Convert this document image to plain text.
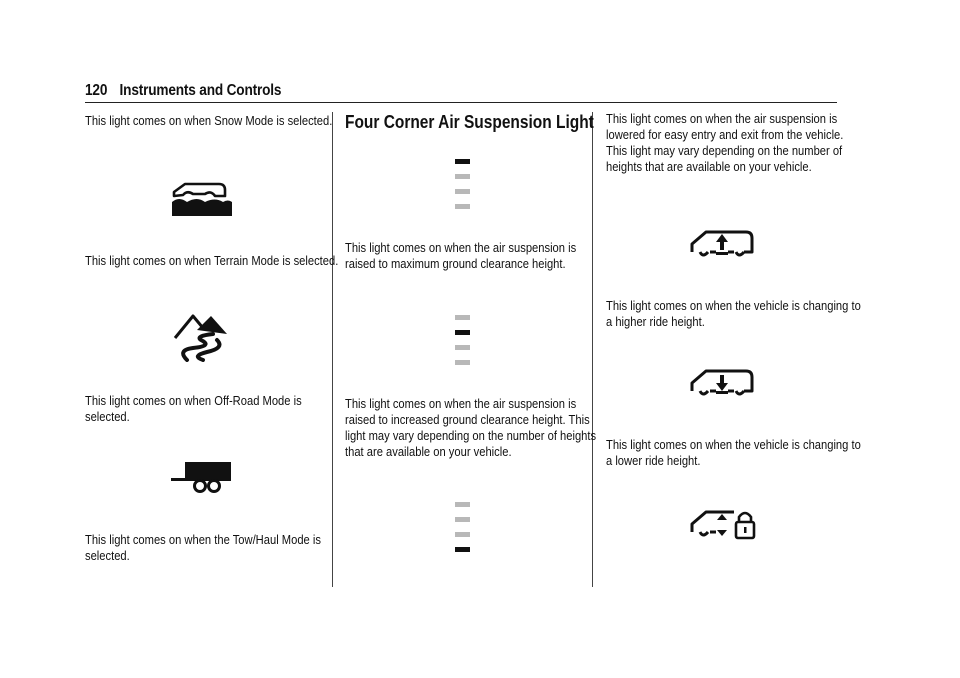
120 Instruments and Controls

This light comes on when Snow Mode is selected.

This light comes on when Terrain Mode is selected.

This light comes on when Off-Road Mode is selected.

This light comes on when the Tow/Haul Mode is selected.

Four Corner Air Suspension Light

This light comes on when the air suspension is raised to maximum ground clearance height.

This light comes on when the air suspension is raised to increased ground clearance height. This light may vary depending on the number of heights that are available on your vehicle.

This light comes on when the air suspension is lowered for easy entry and exit from the vehicle. This light may vary depending on the number of heights that are available on your vehicle.

This light comes on when the vehicle is changing to a higher ride height.

This light comes on when the vehicle is changing to a lower ride height.
